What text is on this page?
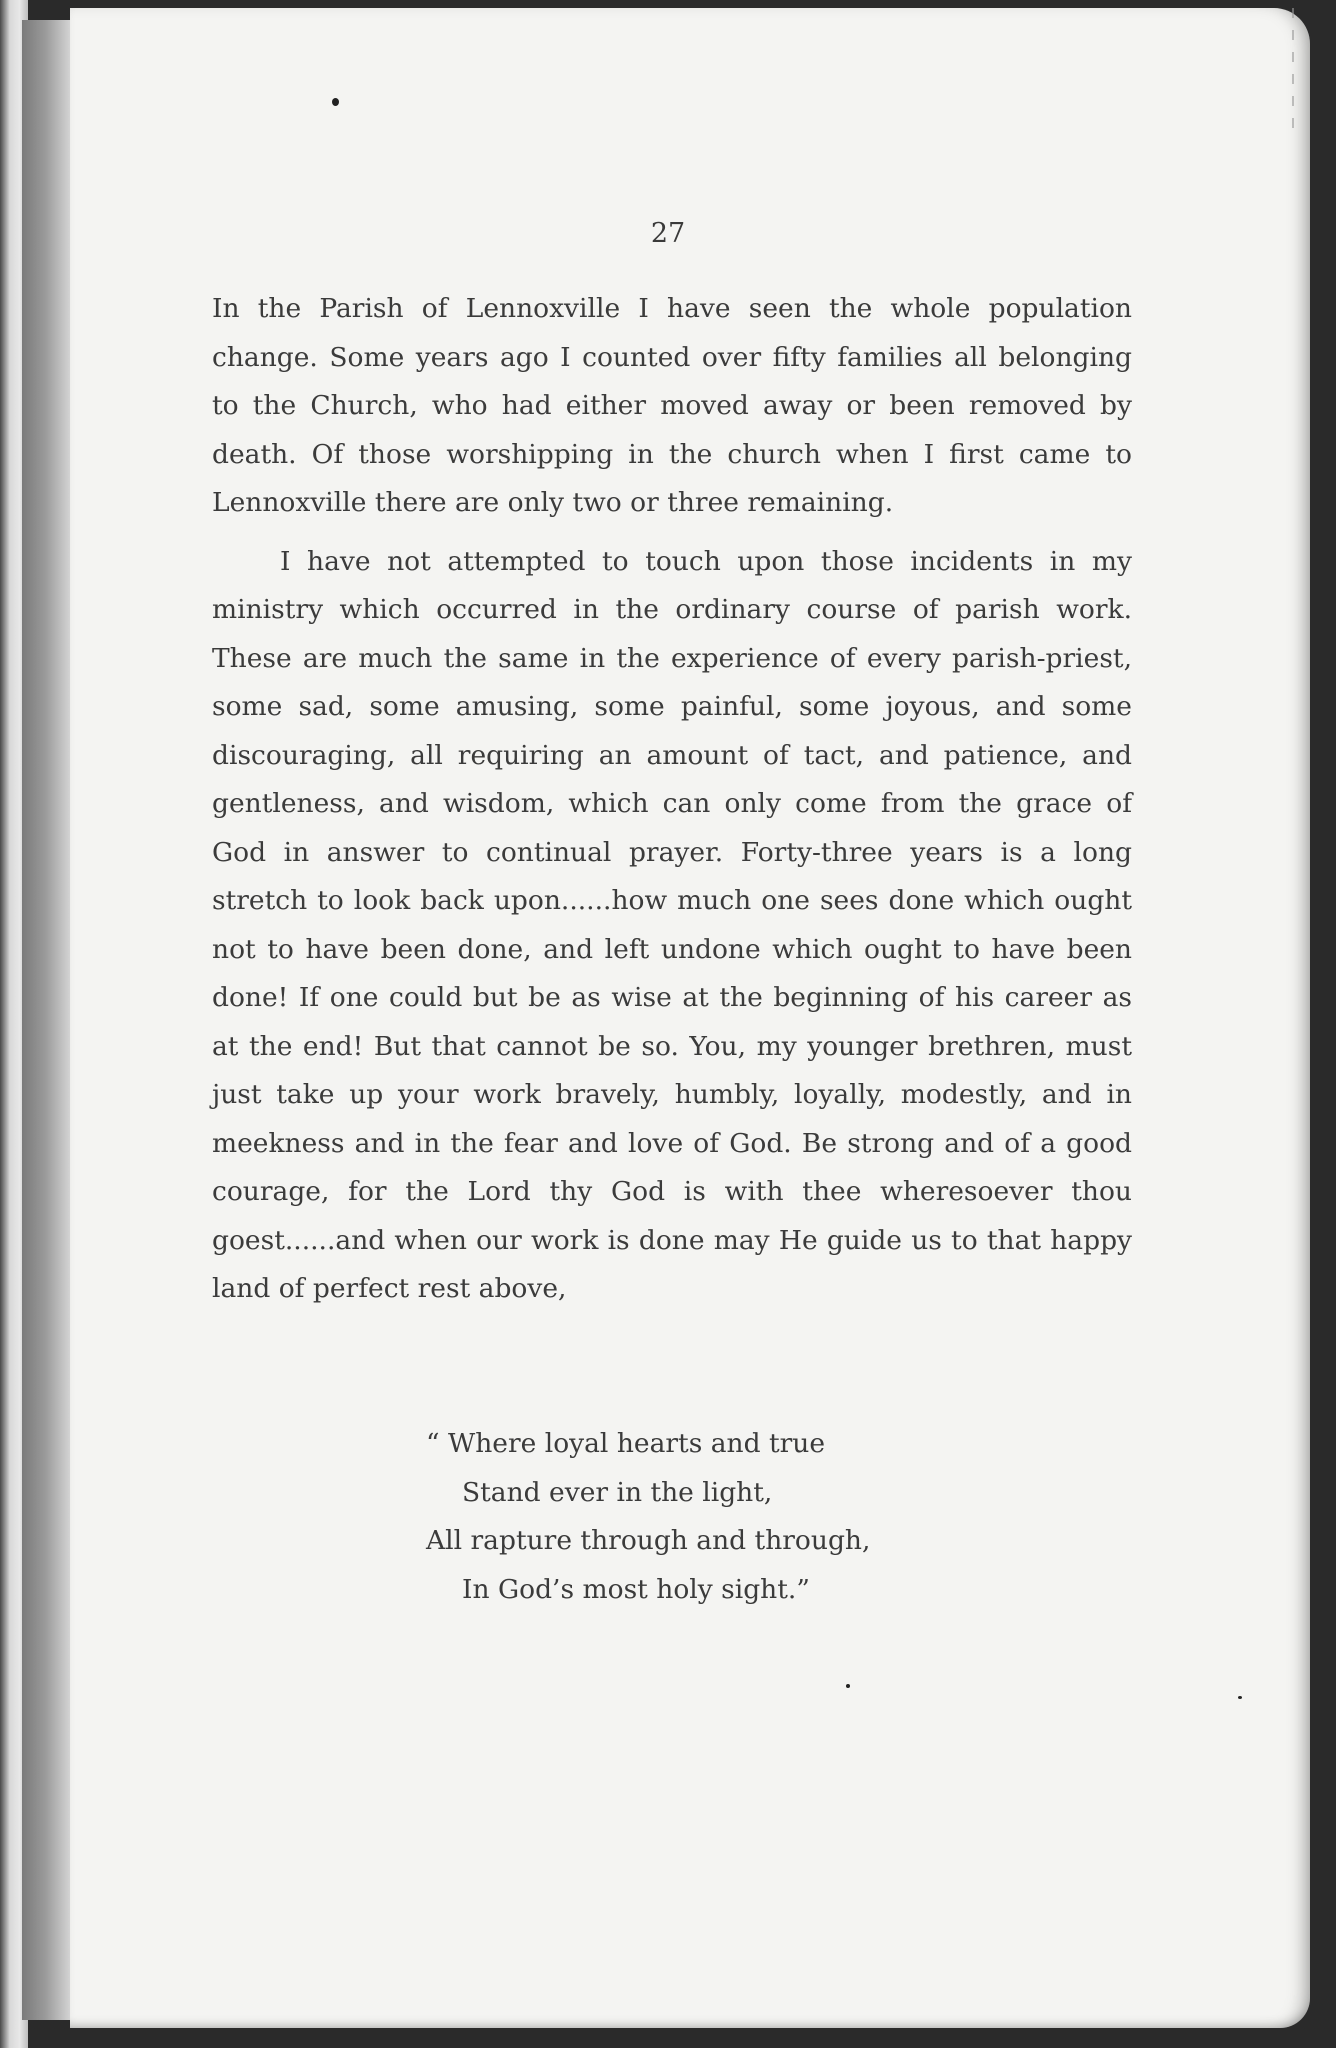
27

In the Parish of Lennoxville I have seen the whole population change. Some years ago I counted over fifty families all belonging to the Church, who had either moved away or been removed by death. Of those worshipping in the church when I first came to Lennoxville there are only two or three remaining.

I have not attempted to touch upon those incidents in my ministry which occurred in the ordinary course of parish work. These are much the same in the experience of every parish-priest, some sad, some amusing, some painful, some joyous, and some discouraging, all requiring an amount of tact, and patience, and gentleness, and wisdom, which can only come from the grace of God in answer to continual prayer. Forty-three years is a long stretch to look back upon......how much one sees done which ought not to have been done, and left undone which ought to have been done! If one could but be as wise at the beginning of his career as at the end! But that cannot be so. You, my younger brethren, must just take up your work bravely, humbly, loyally, modestly, and in meekness and in the fear and love of God. Be strong and of a good courage, for the Lord thy God is with thee wheresoever thou goest......and when our work is done may He guide us to that happy land of perfect rest above,

“ Where loyal hearts and true
Stand ever in the light,
All rapture through and through,
In God’s most holy sight.”
